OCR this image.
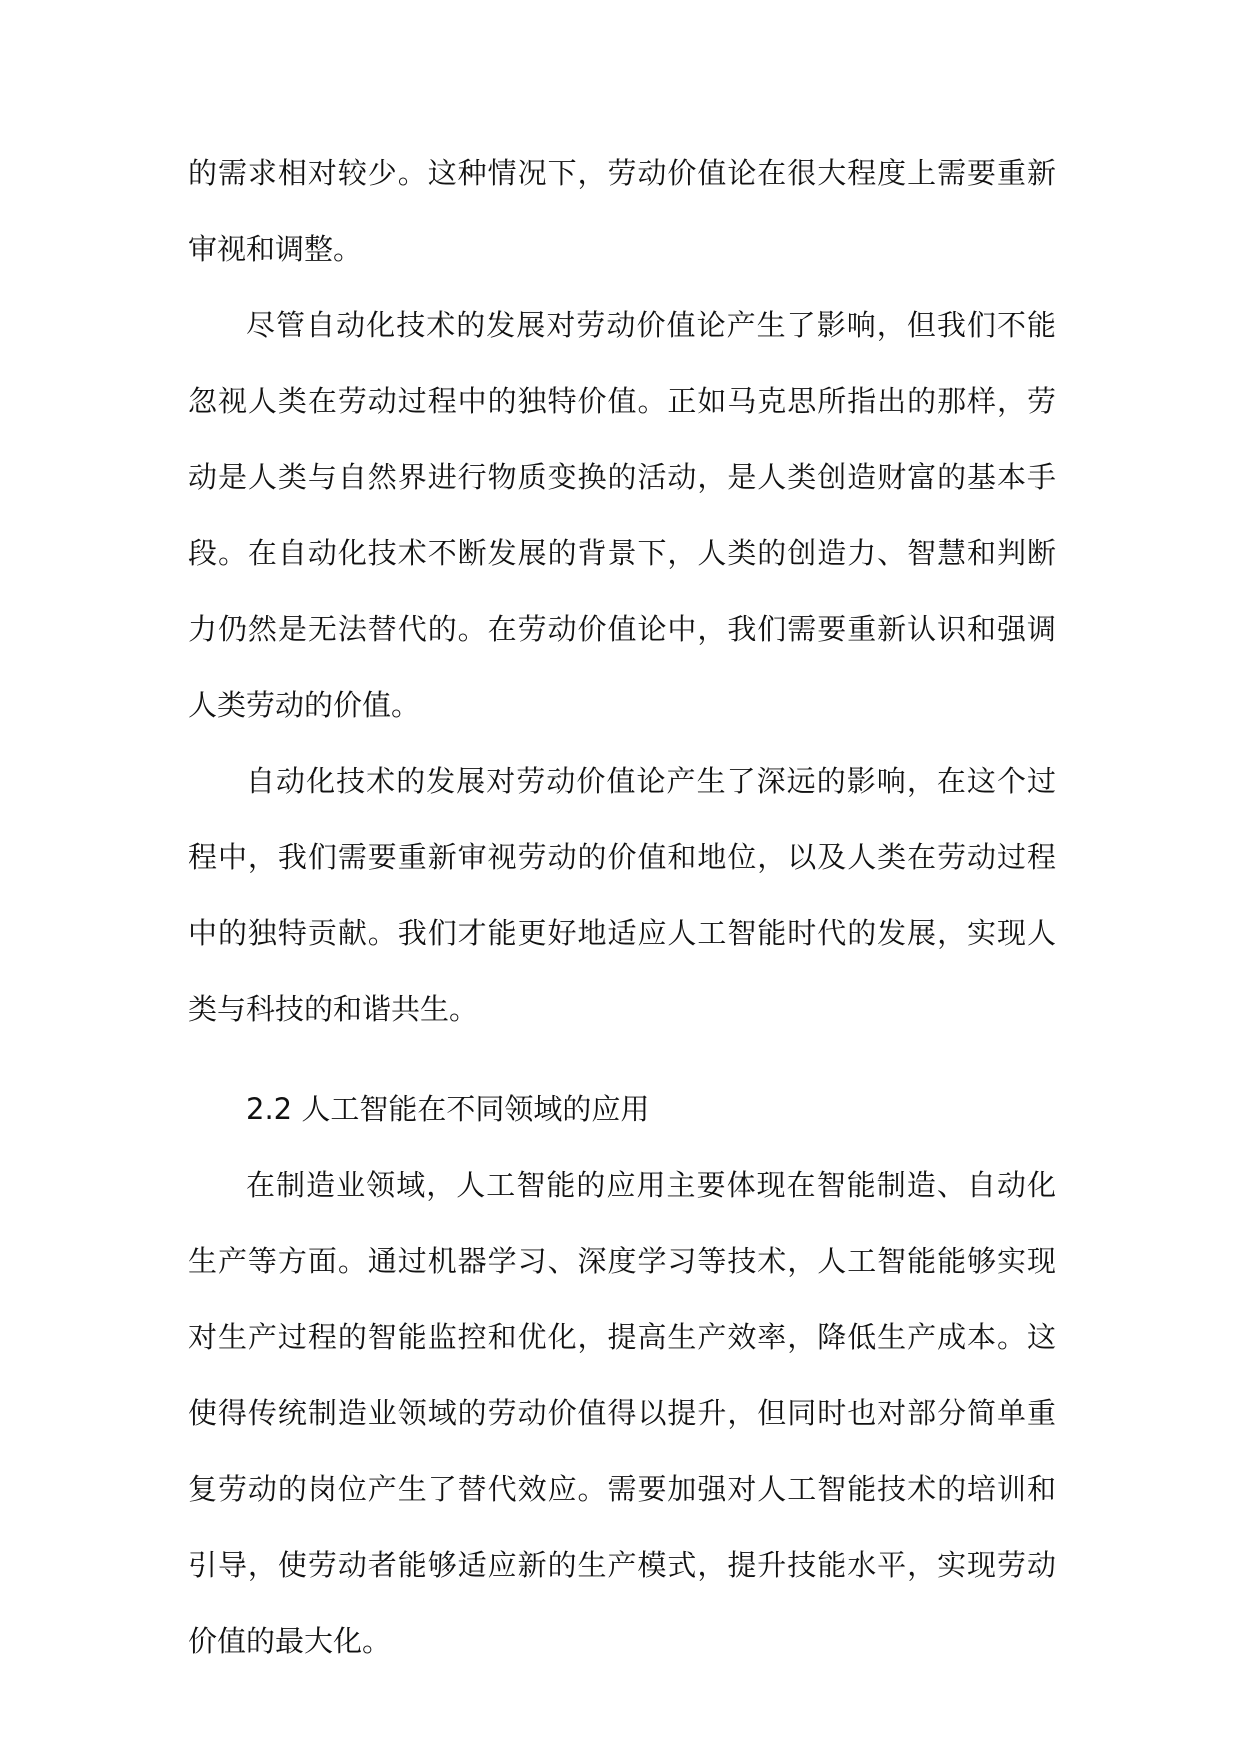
的需求相对较少。这种情况下，劳动价值论在很大程度上需要重新审视和调整。

尽管自动化技术的发展对劳动价值论产生了影响，但我们不能忽视人类在劳动过程中的独特价值。正如马克思所指出的那样，劳动是人类与自然界进行物质变换的活动，是人类创造财富的基本手段。在自动化技术不断发展的背景下，人类的创造力、智慧和判断力仍然是无法替代的。在劳动价值论中，我们需要重新认识和强调人类劳动的价值。

自动化技术的发展对劳动价值论产生了深远的影响，在这个过程中，我们需要重新审视劳动的价值和地位，以及人类在劳动过程中的独特贡献。我们才能更好地适应人工智能时代的发展，实现人类与科技的和谐共生。

2.2 人工智能在不同领域的应用

在制造业领域，人工智能的应用主要体现在智能制造、自动化生产等方面。通过机器学习、深度学习等技术，人工智能能够实现对生产过程的智能监控和优化，提高生产效率，降低生产成本。这使得传统制造业领域的劳动价值得以提升，但同时也对部分简单重复劳动的岗位产生了替代效应。需要加强对人工智能技术的培训和引导，使劳动者能够适应新的生产模式，提升技能水平，实现劳动价值的最大化。
